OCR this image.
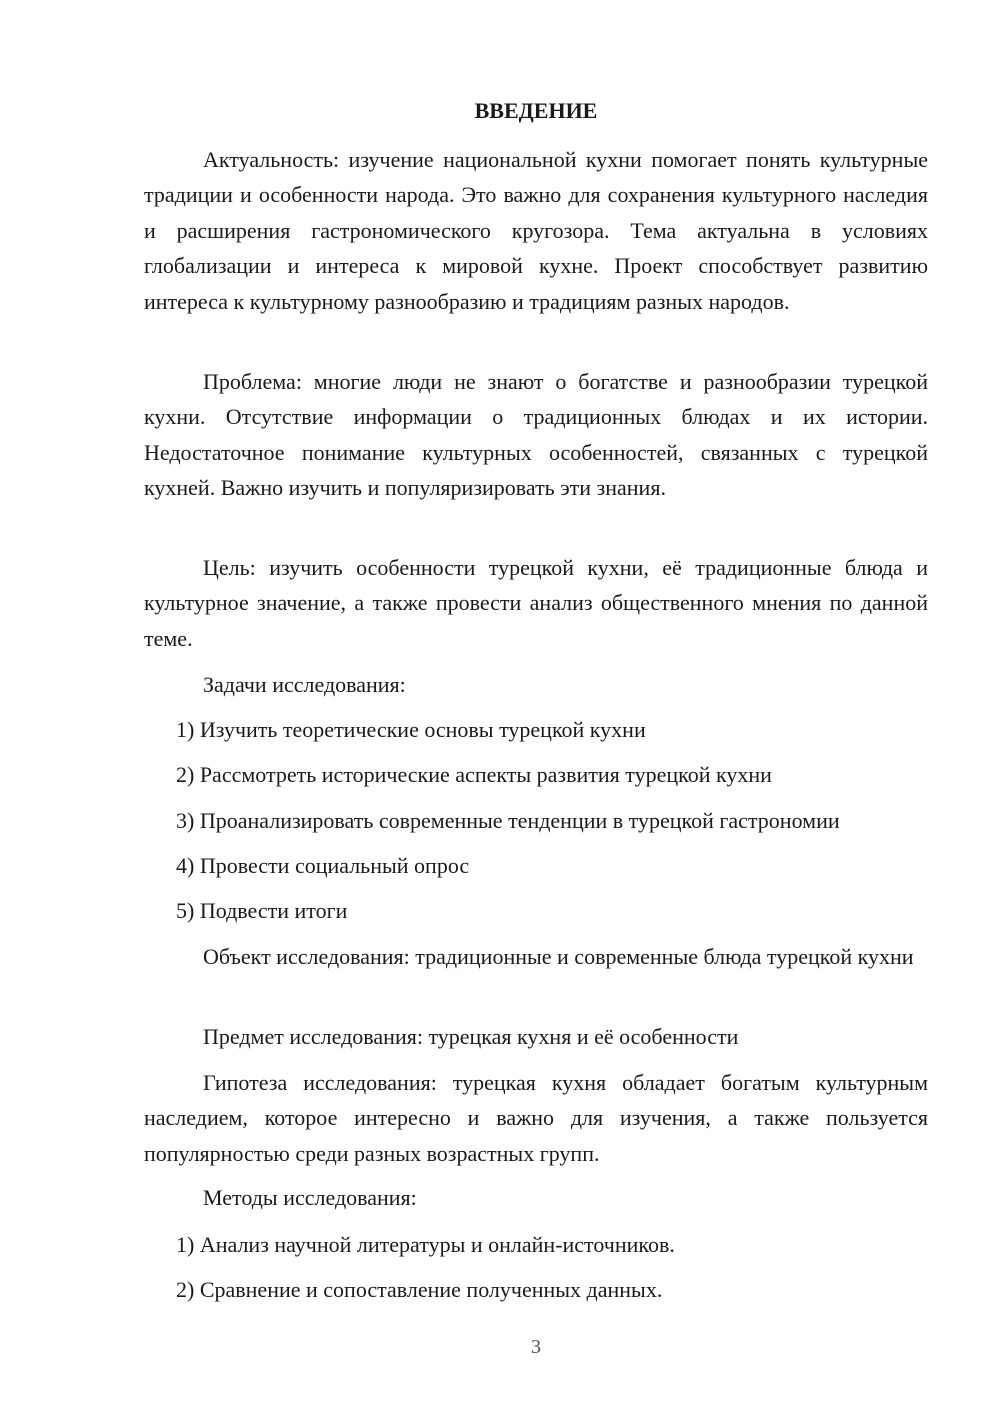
ВВЕДЕНИЕ

Актуальность: изучение национальной кухни помогает понять культурные традиции и особенности народа. Это важно для сохранения культурного наследия и расширения гастрономического кругозора. Тема актуальна в условиях глобализации и интереса к мировой кухне. Проект способствует развитию интереса к культурному разнообразию и традициям разных народов.

Проблема: многие люди не знают о богатстве и разнообразии турецкой кухни. Отсутствие информации о традиционных блюдах и их истории. Недостаточное понимание культурных особенностей, связанных с турецкой кухней. Важно изучить и популяризировать эти знания.

Цель: изучить особенности турецкой кухни, её традиционные блюда и культурное значение, а также провести анализ общественного мнения по данной теме.

Задачи исследования:

1) Изучить теоретические основы турецкой кухни

2) Рассмотреть исторические аспекты развития турецкой кухни

3) Проанализировать современные тенденции в турецкой гастрономии

4) Провести социальный опрос

5) Подвести итоги

Объект исследования: традиционные и современные блюда турецкой кухни

Предмет исследования: турецкая кухня и её особенности

Гипотеза исследования: турецкая кухня обладает богатым культурным наследием, которое интересно и важно для изучения, а также пользуется популярностью среди разных возрастных групп.

Методы исследования:

1) Анализ научной литературы и онлайн-источников.

2) Сравнение и сопоставление полученных данных.

3
